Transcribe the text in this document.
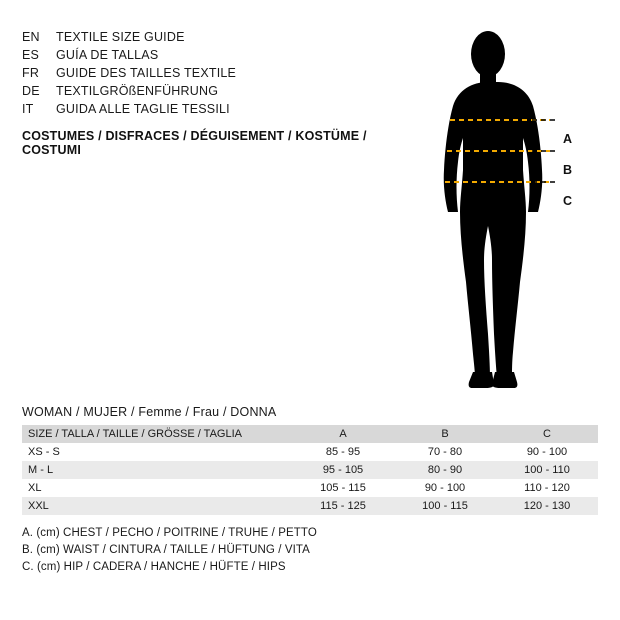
EN	TEXTILE SIZE GUIDE
ES	GUÍA DE TALLAS
FR	GUIDE DES TAILLES TEXTILE
DE	TEXTILGRÖßENFÜHRUNG
IT	GUIDA ALLE TAGLIE TESSILI
COSTUMES / DISFRACES / DÉGUISEMENT / KOSTÜME / COSTUMI
A
B
C
WOMAN / MUJER / Femme / Frau / DONNA
SIZE / TALLA / TAILLE / GRÖSSE / TAGLIA	A	B	C
XS - S	85 - 95	70 - 80	90 - 100
M - L	95 - 105	80 - 90	100 - 110
XL	105 - 115	90 - 100	110 - 120
XXL	115 - 125	100 - 115	120 - 130
A. (cm) CHEST / PECHO / POITRINE / TRUHE / PETTO
B. (cm) WAIST / CINTURA / TAILLE / HÜFTUNG / VITA
C. (cm) HIP / CADERA / HANCHE / HÜFTE / HIPS
